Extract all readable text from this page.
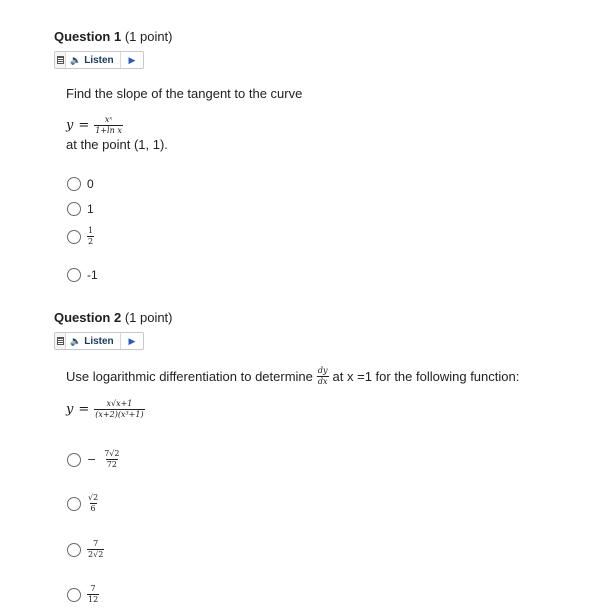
Question 1 (1 point)
🔈 Listen	▶
Find the slope of the tangent to the curve
$y = \frac{\text{xˣ}}{\text{1+ln x}}$
at the point (1, 1).
0
1
$\frac{1}{2}$
-1
Question 2 (1 point)
🔈 Listen	▶
Use logarithmic differentiation to determine $\frac{dy}{dx}$ at x =1 for the following function:
$y = \frac{x√x+1}{\text{(x+2)(x³+1)}}$
− $\frac{7√2}{72}$
$\frac{√2}{6}$
$\frac{7}{2√2}$
$\frac{7}{12}$
